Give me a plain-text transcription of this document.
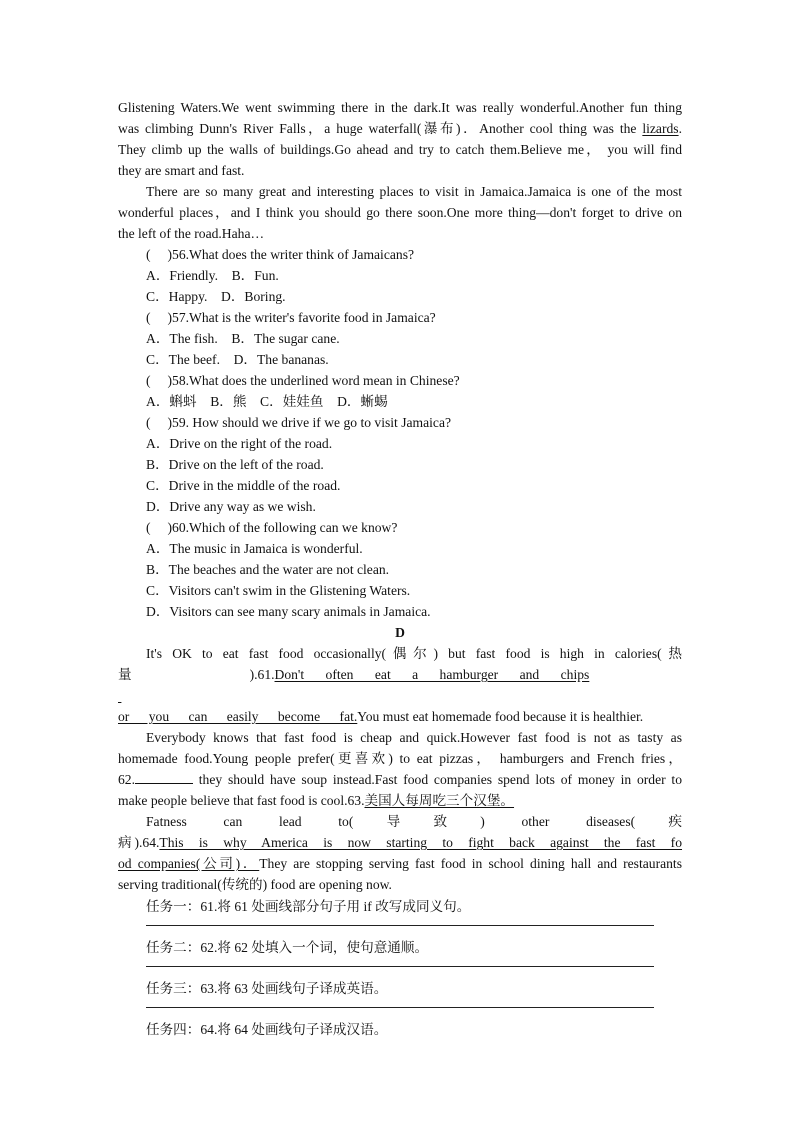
Glistening Waters.We went swimming there in the dark.It was really wonderful.Another fun thing

was climbing Dunn's River Falls，a huge waterfall(瀑布)．Another cool thing was the lizards.

They climb up the walls of buildings.Go ahead and try to catch them.Believe me， you will find

they are smart and fast.

There are so many great and interesting places to visit in Jamaica.Jamaica is one of the most

wonderful places，and I think you should go there soon.One more thing—don't forget to drive on

the left of the road.Haha…

(　 )56.What does the writer think of Jamaicans?

A．Friendly.　B．Fun.

C．Happy.　D．Boring.

(　 )57.What is the writer's favorite food in Jamaica?

A．The fish.　B．The sugar cane.

C．The beef.　D．The bananas.

(　 )58.What does the underlined word mean in Chinese?

A．蝌蚪　B．熊　C．娃娃鱼　D．蜥蜴

(　 )59. How should we drive if we go to visit Jamaica?

A．Drive on the right of the road.

B．Drive on the left of the road.

C．Drive in the middle of the road.

D．Drive any way as we wish.

(　 )60.Which of the following can we know?

A．The music in Jamaica is wonderful.

B．The beaches and the water are not clean.

C．Visitors can't swim in the Glistening Waters.

D．Visitors can see many scary animals in Jamaica.

D

It's OK to eat fast food occasionally(偶尔) but fast food is high in calories(热

量	).61.Don't often eat a hamburger and chips

or you can easily become fat.You must eat homemade food because it is healthier.

Everybody knows that fast food is cheap and quick.However fast food is not as tasty as

homemade food.Young people prefer(更喜欢) to eat pizzas， hamburgers and French fries，

62.	they should have soup instead.Fast food companies spend lots of money in order to

make people believe that fast food is cool.63.美国人每周吃三个汉堡。

Fatness can lead to(导致) other diseases(疾

病).64.This is why America is now starting to fight back against the fast fo

od companies(公司)．They are stopping serving fast food in school dining hall and restaurants

serving traditional(传统的) food are opening now.

任务一：61.将 61 处画线部分句子用 if 改写成同义句。

任务二：62.将 62 处填入一个词，使句意通顺。

任务三：63.将 63 处画线句子译成英语。

任务四：64.将 64 处画线句子译成汉语。
